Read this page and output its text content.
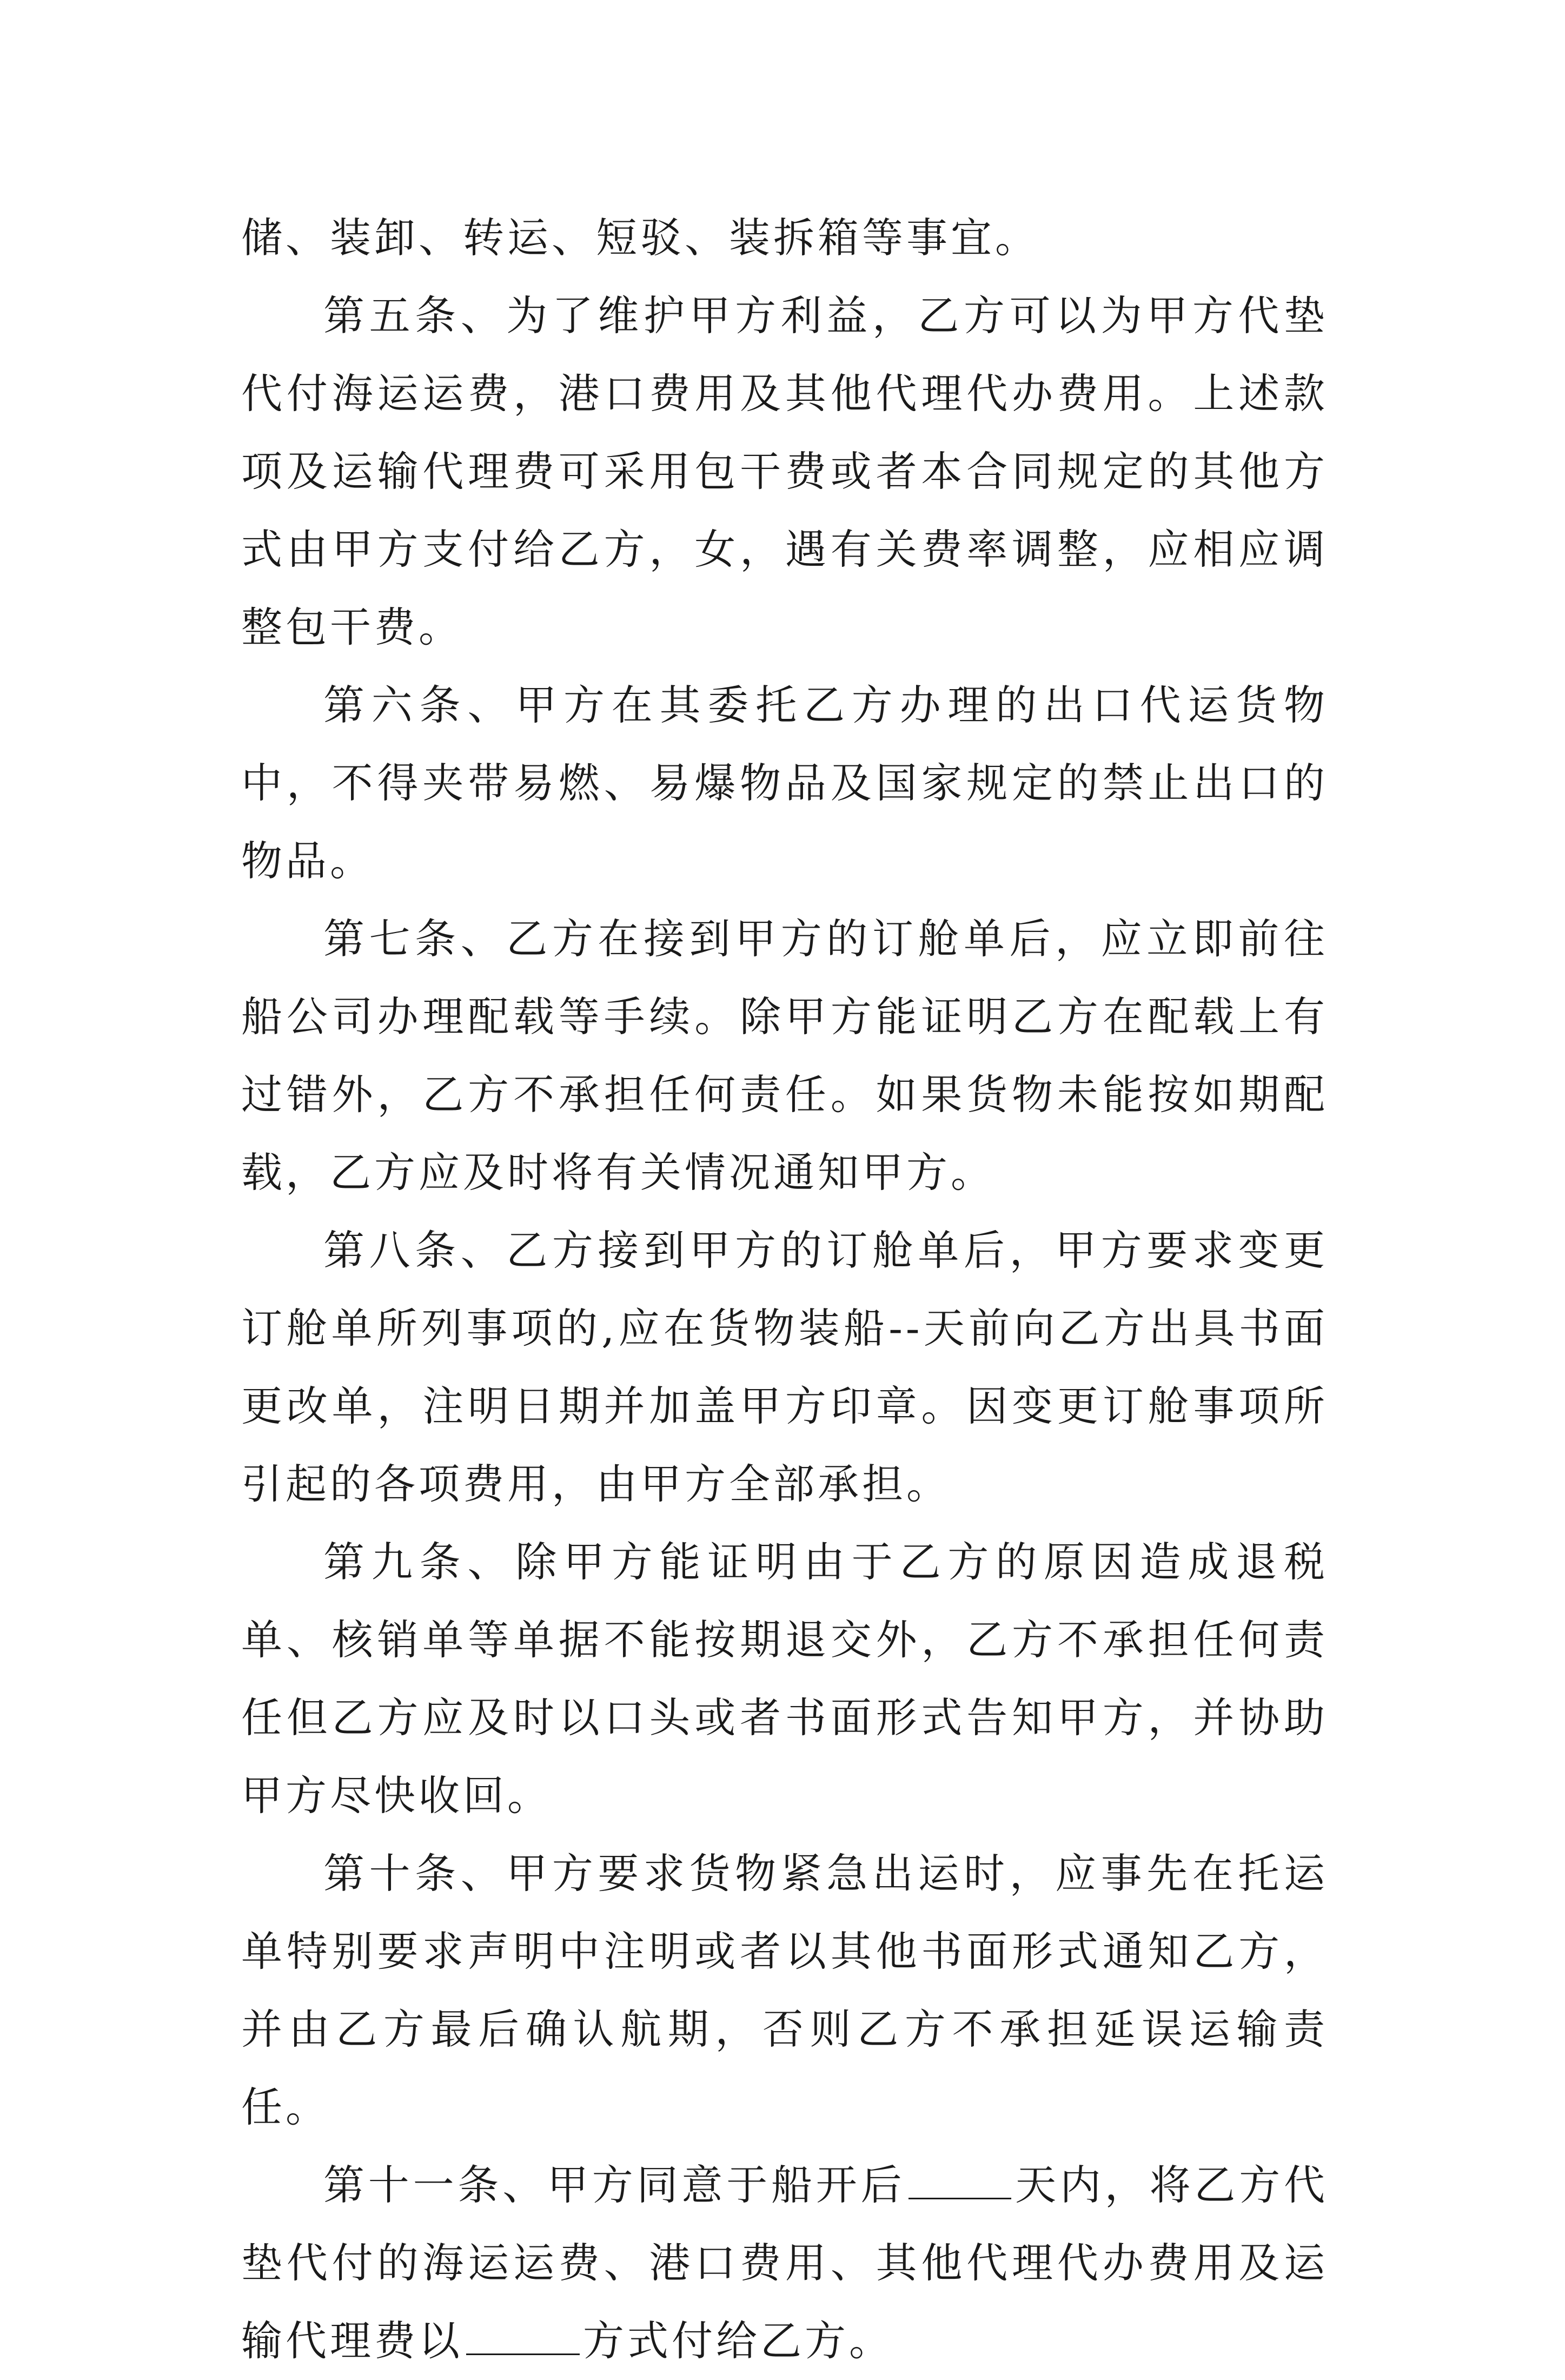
储、装卸、转运、短驳、装拆箱等事宜。

第五条、为了维护甲方利益，乙方可以为甲方代垫代付海运运费，港口费用及其他代理代办费用。上述款项及运输代理费可采用包干费或者本合同规定的其他方式由甲方支付给乙方，女，遇有关费率调整，应相应调整包干费。

第六条、甲方在其委托乙方办理的出口代运货物中，不得夹带易燃、易爆物品及国家规定的禁止出口的物品。

第七条、乙方在接到甲方的订舱单后，应立即前往船公司办理配载等手续。除甲方能证明乙方在配载上有过错外，乙方不承担任何责任。如果货物未能按如期配载，乙方应及时将有关情况通知甲方。

第八条、乙方接到甲方的订舱单后，甲方要求变更订舱单所列事项的,应在货物装船--天前向乙方出具书面更改单，注明日期并加盖甲方印章。因变更订舱事项所引起的各项费用，由甲方全部承担。

第九条、除甲方能证明由于乙方的原因造成退税单、核销单等单据不能按期退交外，乙方不承担任何责任但乙方应及时以口头或者书面形式告知甲方，并协助甲方尽快收回。

第十条、甲方要求货物紧急出运时，应事先在托运单特别要求声明中注明或者以其他书面形式通知乙方，并由乙方最后确认航期，否则乙方不承担延误运输责任。

第十一条、甲方同意于船开后	天内，将乙方代垫代付的海运运费、港口费用、其他代理代办费用及运输代理费以	方式付给乙方。
